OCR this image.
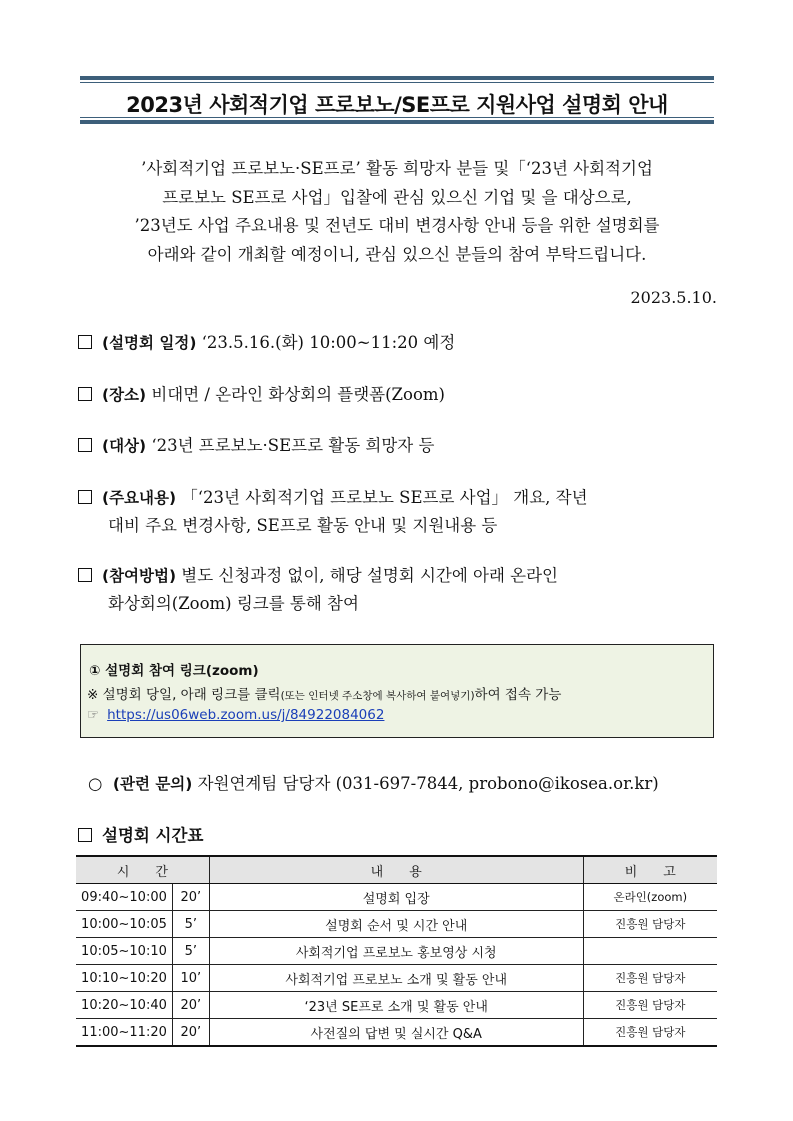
2023년 사회적기업 프로보노/SE프로 지원사업 설명회 안내
’사회적기업 프로보노·SE프로’ 활동 희망자 분들 및「‘23년 사회적기업
프로보노 SE프로 사업」입찰에 관심 있으신 기업 및 을 대상으로,
’23년도 사업 주요내용 및 전년도 대비 변경사항 안내 등을 위한 설명회를
아래와 같이 개최할 예정이니, 관심 있으신 분들의 참여 부탁드립니다.
2023.5.10.
(설명회 일정) ‘23.5.16.(화) 10:00~11:20 예정
(장소) 비대면 / 온라인 화상회의 플랫폼(Zoom)
(대상) ‘23년 프로보노·SE프로 활동 희망자 등
(주요내용) 「‘23년 사회적기업 프로보노 SE프로 사업」 개요, 작년
대비 주요 변경사항, SE프로 활동 안내 및 지원내용 등
(참여방법) 별도 신청과정 없이, 해당 설명회 시간에 아래 온라인
화상회의(Zoom) 링크를 통해 참여
① 설명회 참여 링크(zoom)
※ 설명회 당일, 아래 링크를 클릭(또는 인터넷 주소창에 복사하여 붙여넣기)하여 접속 가능
☞ https://us06web.zoom.us/j/84922084062
○ (관련 문의) 자원연계팀 담당자 (031-697-7844, probono@ikosea.or.kr)
설명회 시간표
시　　간		내　　용	비　　고
09:40~10:00	20’	설명회 입장	온라인(zoom)
10:00~10:05	5’	설명회 순서 및 시간 안내	진흥원 담당자
10:05~10:10	5’	사회적기업 프로보노 홍보영상 시청	
10:10~10:20	10’	사회적기업 프로보노 소개 및 활동 안내	진흥원 담당자
10:20~10:40	20’	‘23년 SE프로 소개 및 활동 안내	진흥원 담당자
11:00~11:20	20’	사전질의 답변 및 실시간 Q&A	진흥원 담당자
